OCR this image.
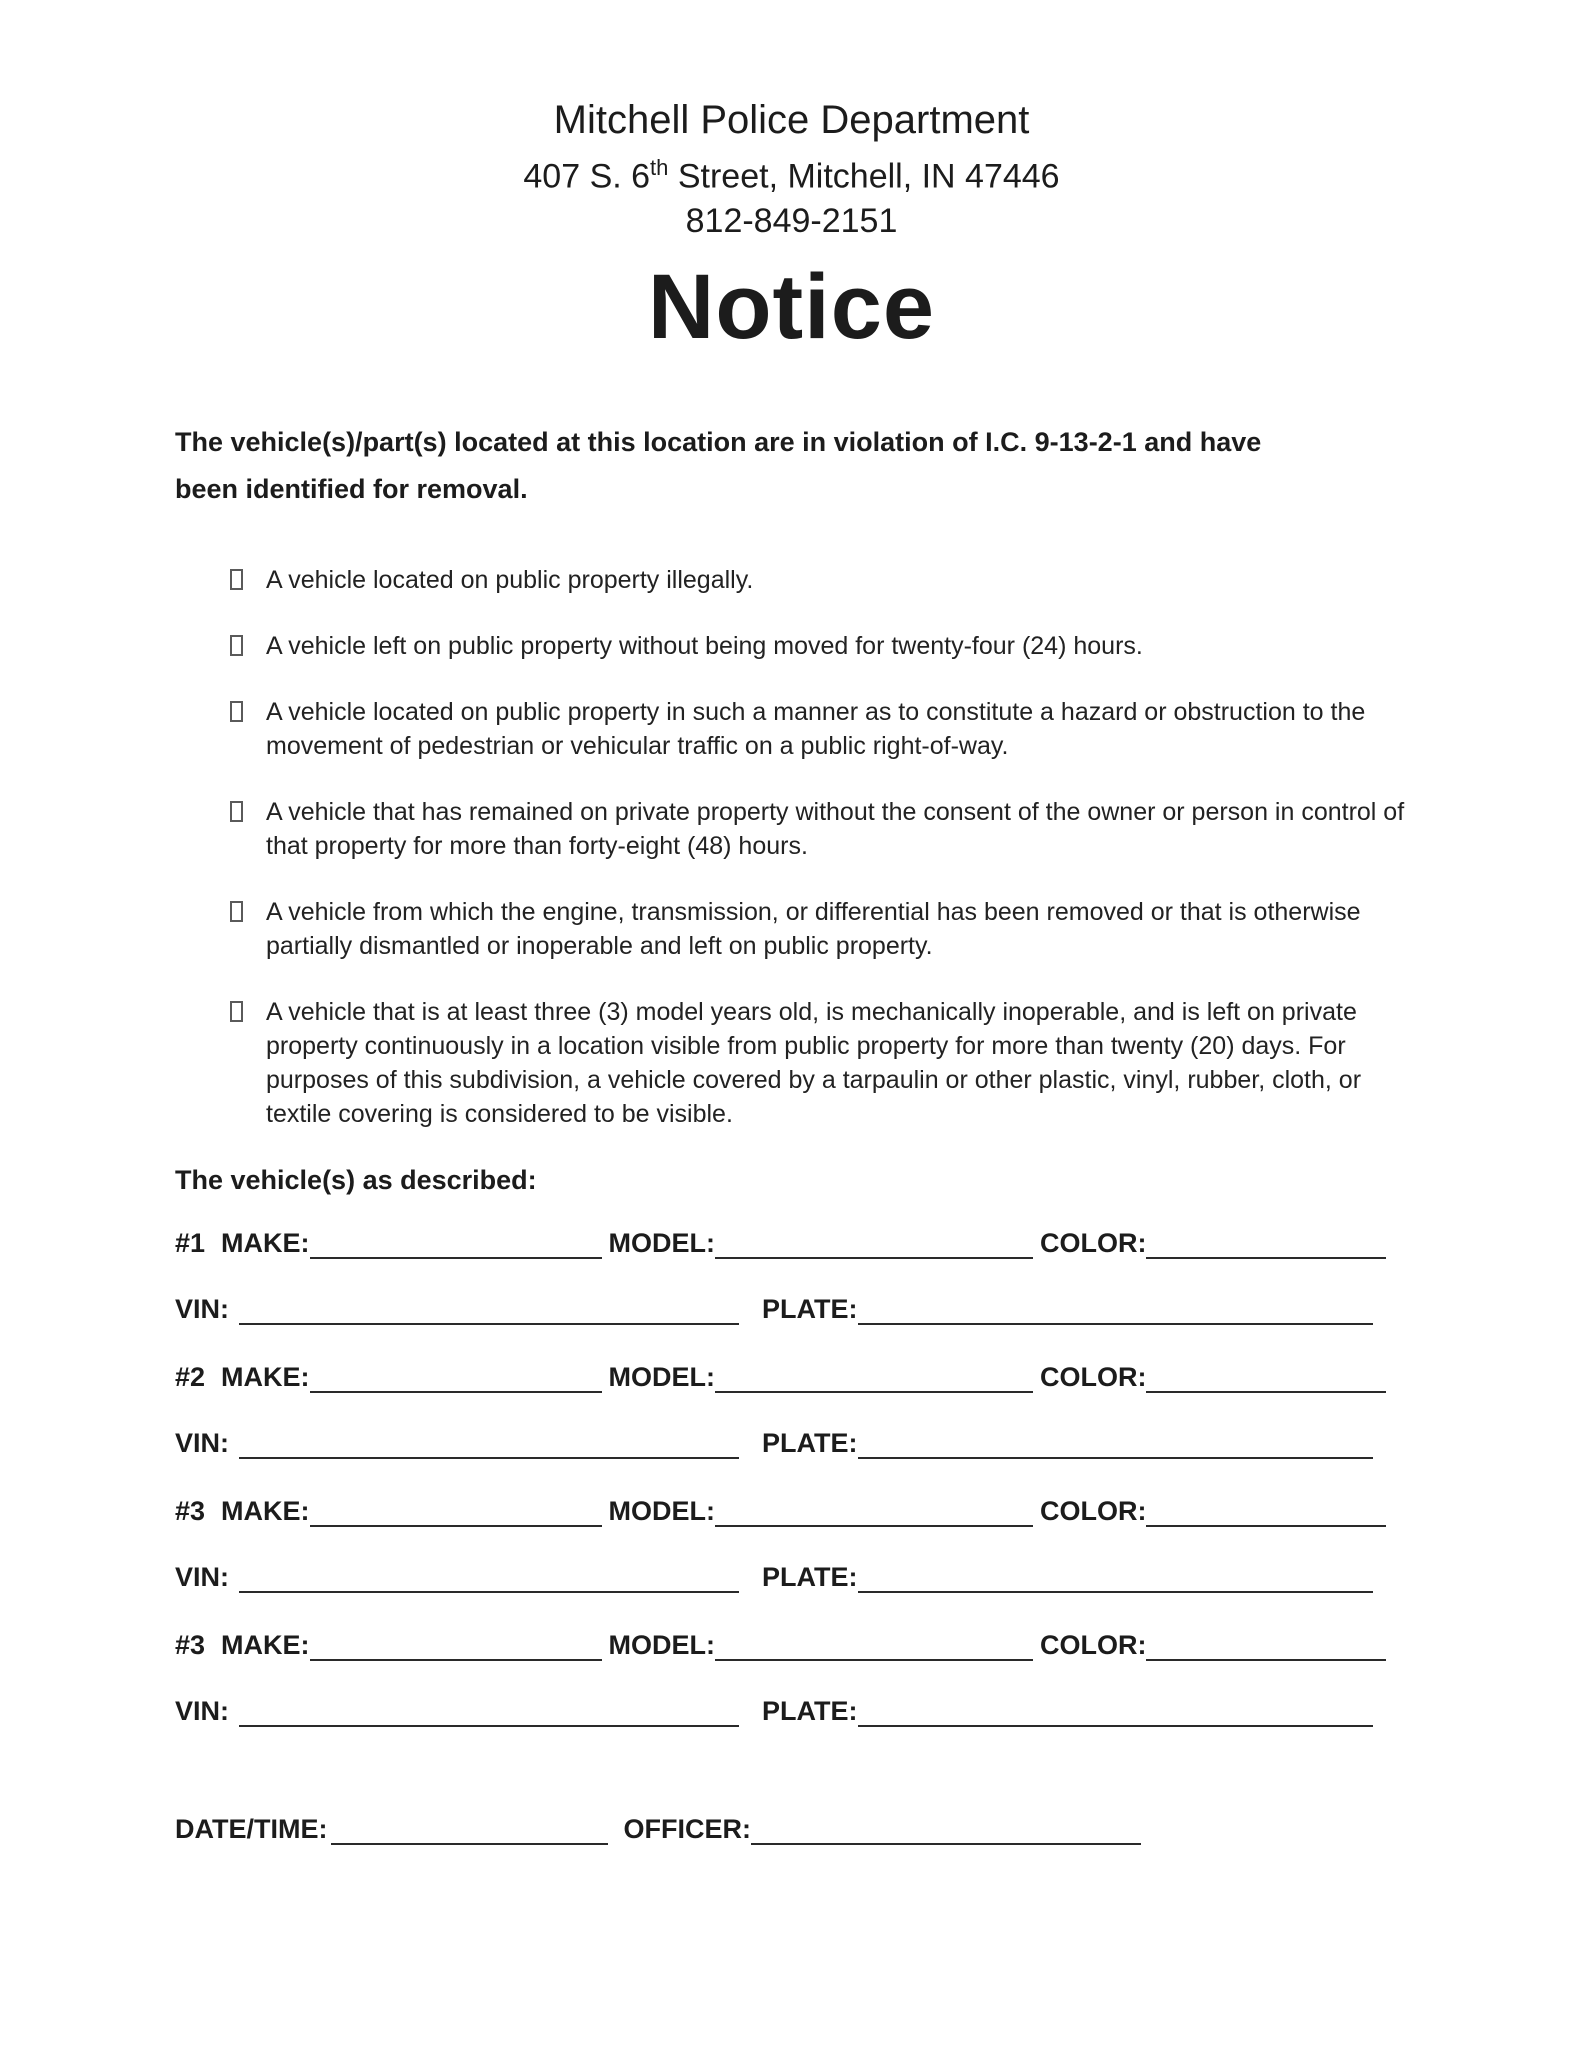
Mitchell Police Department
407 S. 6th Street, Mitchell, IN 47446
812-849-2151
Notice

The vehicle(s)/part(s) located at this location are in violation of I.C. 9-13-2-1 and have
been identified for removal.

A vehicle located on public property illegally.
A vehicle left on public property without being moved for twenty-four (24) hours.
A vehicle located on public property in such a manner as to constitute a hazard or obstruction to the movement of pedestrian or vehicular traffic on a public right-of-way.
A vehicle that has remained on private property without the consent of the owner or person in control of that property for more than forty-eight (48) hours.
A vehicle from which the engine, transmission, or differential has been removed or that is otherwise partially dismantled or inoperable and left on public property.
A vehicle that is at least three (3) model years old, is mechanically inoperable, and is left on private property continuously in a location visible from public property for more than twenty (20) days. For purposes of this subdivision, a vehicle covered by a tarpaulin or other plastic, vinyl, rubber, cloth, or textile covering is considered to be visible.

The vehicle(s) as described:

#1 MAKE:	MODEL:	COLOR:
VIN:	PLATE:
#2 MAKE:	MODEL:	COLOR:
VIN:	PLATE:
#3 MAKE:	MODEL:	COLOR:
VIN:	PLATE:
#3 MAKE:	MODEL:	COLOR:
VIN:	PLATE:
DATE/TIME:	OFFICER:
